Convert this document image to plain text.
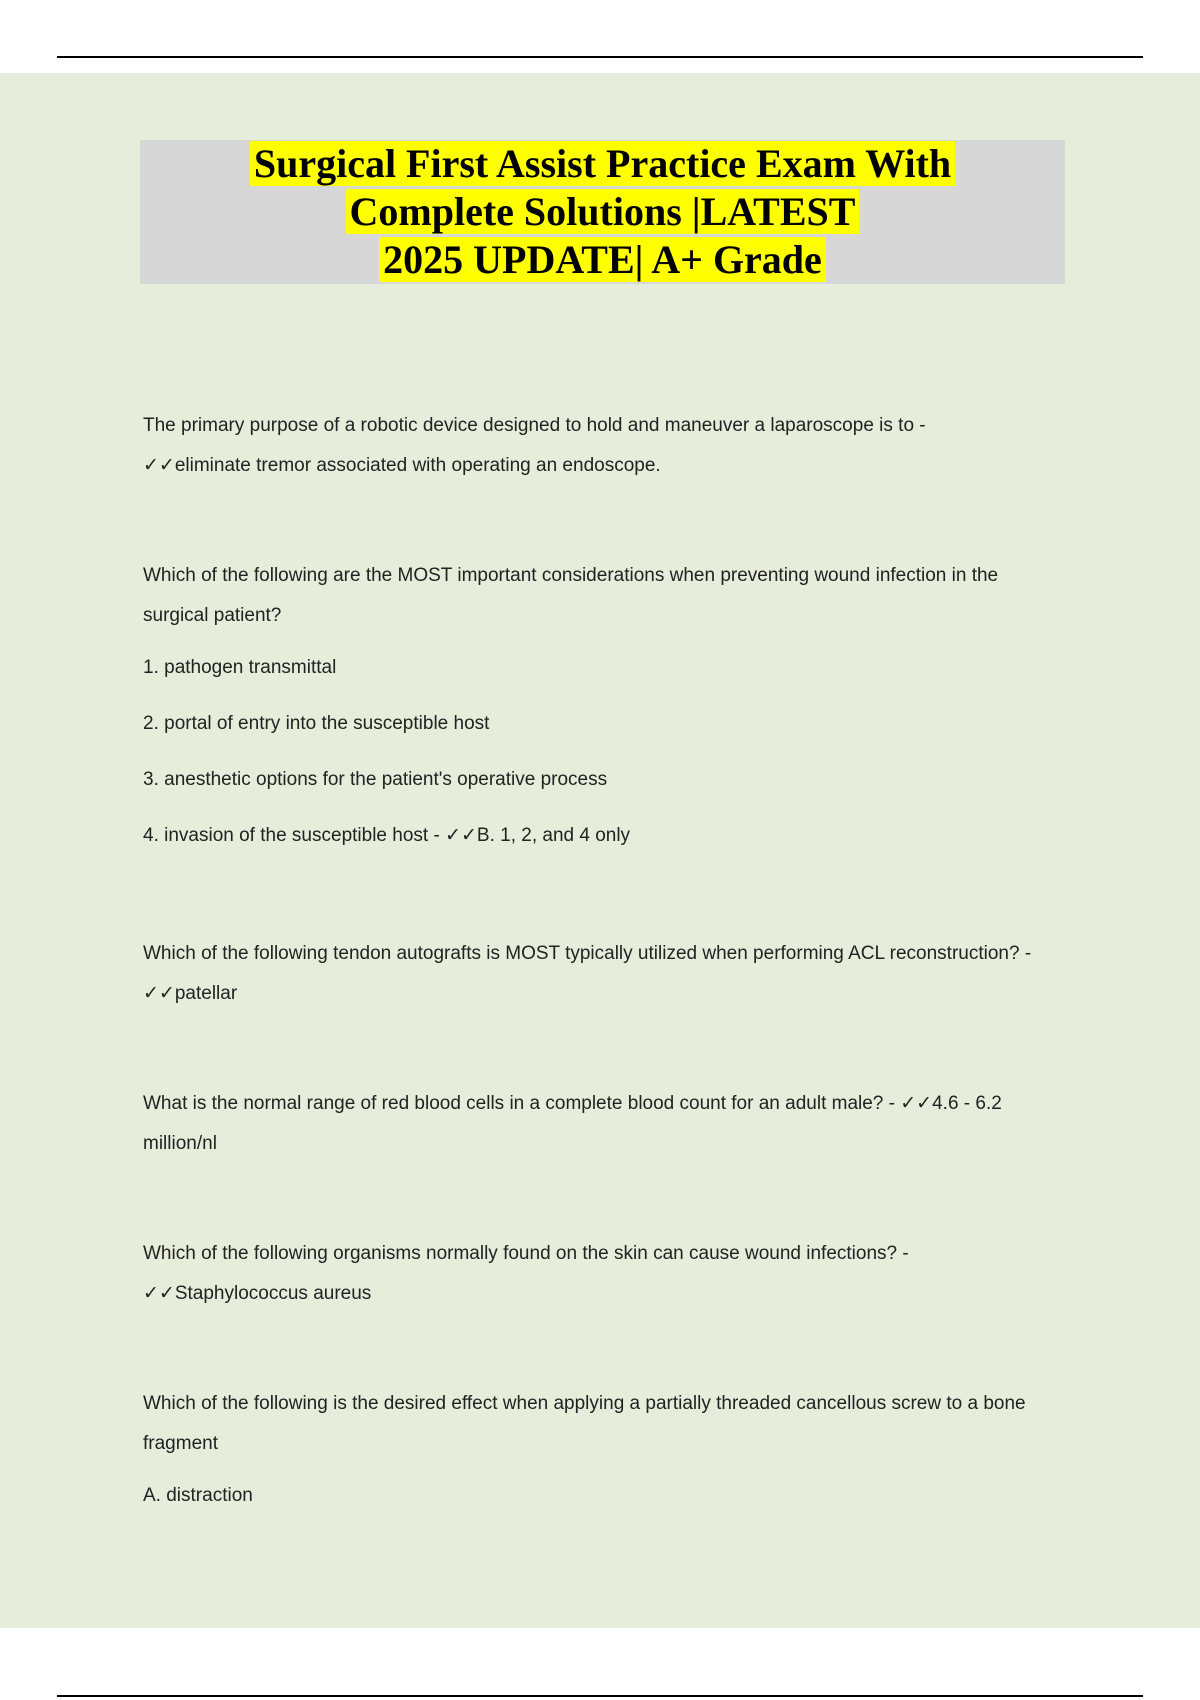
Surgical First Assist Practice Exam With
Complete Solutions |LATEST
2025 UPDATE| A+ Grade
The primary purpose of a robotic device designed to hold and maneuver a laparoscope is to -
✓✓eliminate tremor associated with operating an endoscope.
Which of the following are the MOST important considerations when preventing wound infection in the surgical patient?
1. pathogen transmittal
2. portal of entry into the susceptible host
3. anesthetic options for the patient's operative process
4. invasion of the susceptible host - ✓✓B. 1, 2, and 4 only
Which of the following tendon autografts is MOST typically utilized when performing ACL reconstruction? - ✓✓patellar
What is the normal range of red blood cells in a complete blood count for an adult male? - ✓✓4.6 - 6.2 million/nl
Which of the following organisms normally found on the skin can cause wound infections? -
✓✓Staphylococcus aureus
Which of the following is the desired effect when applying a partially threaded cancellous screw to a bone fragment
A. distraction
